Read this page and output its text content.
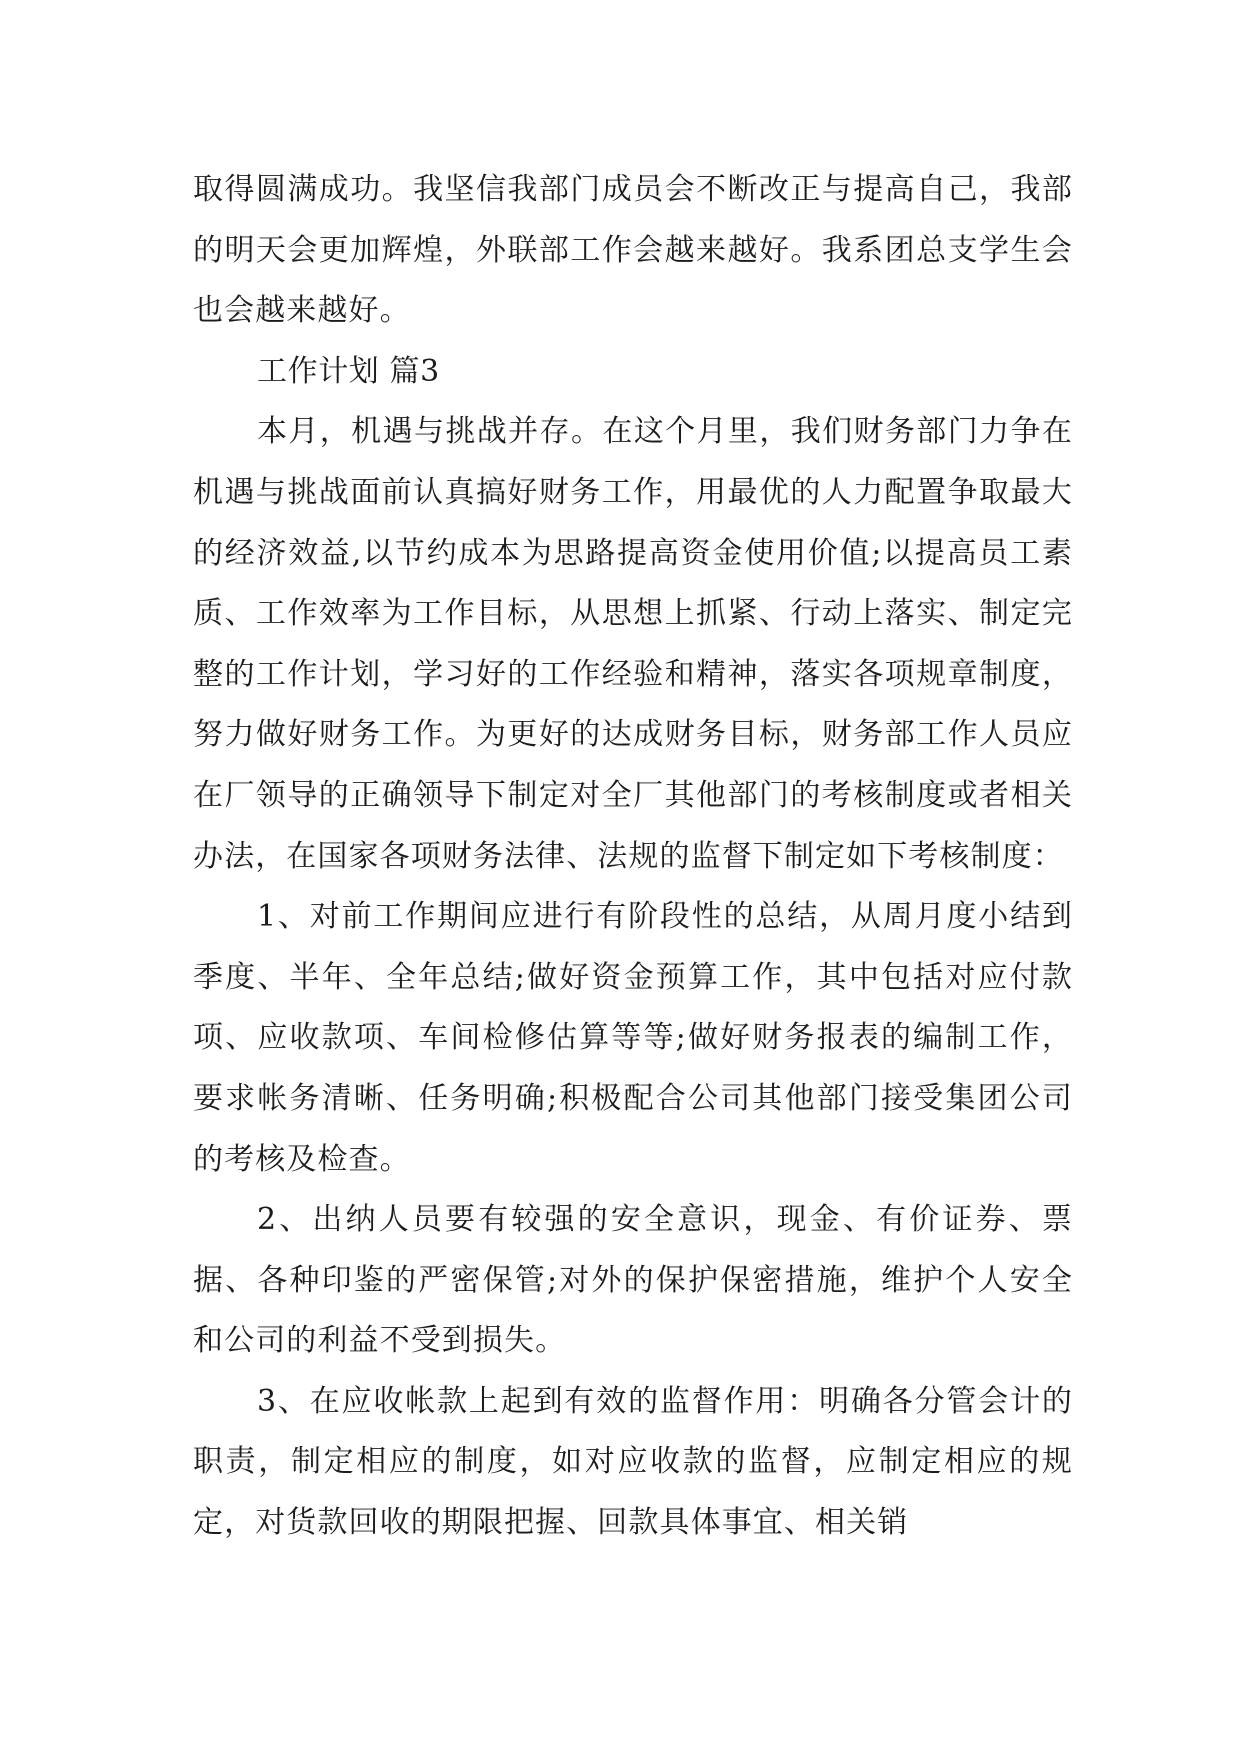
取得圆满成功。我坚信我部门成员会不断改正与提高自己，我部的明天会更加辉煌，外联部工作会越来越好。我系团总支学生会也会越来越好。

工作计划 篇3

本月，机遇与挑战并存。在这个月里，我们财务部门力争在机遇与挑战面前认真搞好财务工作，用最优的人力配置争取最大的经济效益,以节约成本为思路提高资金使用价值;以提高员工素质、工作效率为工作目标，从思想上抓紧、行动上落实、制定完整的工作计划，学习好的工作经验和精神，落实各项规章制度，努力做好财务工作。为更好的达成财务目标，财务部工作人员应在厂领导的正确领导下制定对全厂其他部门的考核制度或者相关办法，在国家各项财务法律、法规的监督下制定如下考核制度：

1、对前工作期间应进行有阶段性的总结，从周月度小结到季度、半年、全年总结;做好资金预算工作，其中包括对应付款项、应收款项、车间检修估算等等;做好财务报表的编制工作，要求帐务清晰、任务明确;积极配合公司其他部门接受集团公司的考核及检查。

2、出纳人员要有较强的安全意识，现金、有价证券、票据、各种印鉴的严密保管;对外的保护保密措施，维护个人安全和公司的利益不受到损失。

3、在应收帐款上起到有效的监督作用：明确各分管会计的职责，制定相应的制度，如对应收款的监督，应制定相应的规定，对货款回收的期限把握、回款具体事宜、相关销
